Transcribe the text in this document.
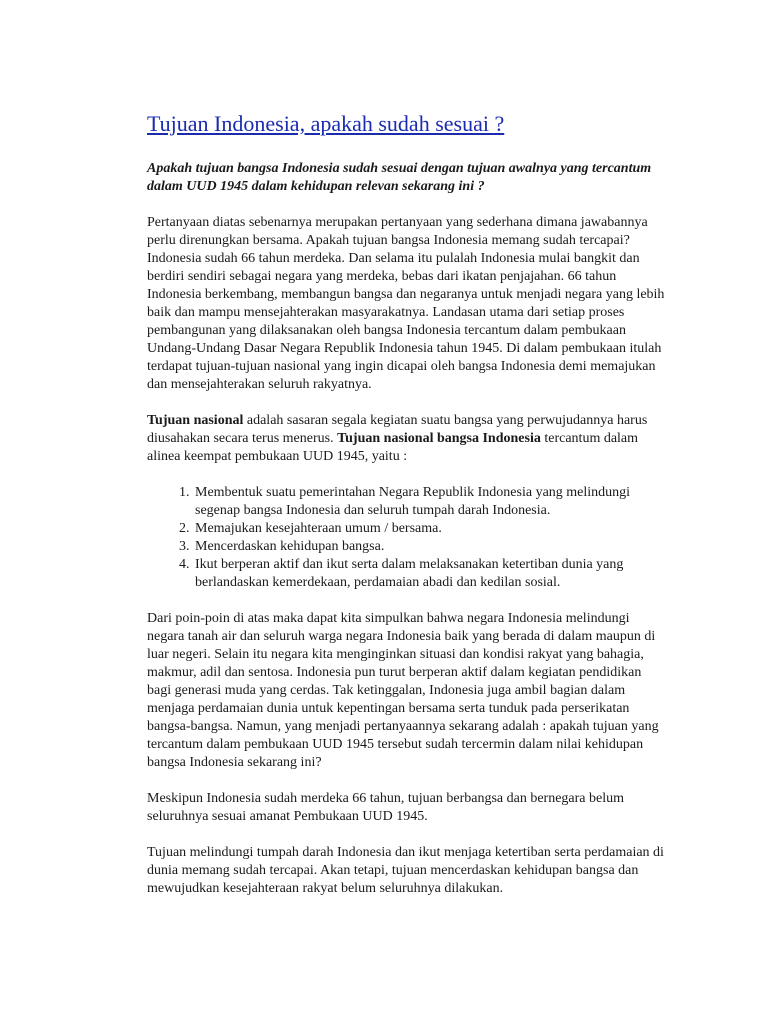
Tujuan Indonesia, apakah sudah sesuai ?

Apakah tujuan bangsa Indonesia sudah sesuai dengan tujuan awalnya yang tercantum dalam UUD 1945 dalam kehidupan relevan sekarang ini ?

Pertanyaan diatas sebenarnya merupakan pertanyaan yang sederhana dimana jawabannya perlu direnungkan bersama. Apakah tujuan bangsa Indonesia memang sudah tercapai? Indonesia sudah 66 tahun merdeka. Dan selama itu pulalah Indonesia mulai bangkit dan berdiri sendiri sebagai negara yang merdeka, bebas dari ikatan penjajahan. 66 tahun Indonesia berkembang, membangun bangsa dan negaranya untuk menjadi negara yang lebih baik dan mampu mensejahterakan masyarakatnya. Landasan utama dari setiap proses pembangunan yang dilaksanakan oleh bangsa Indonesia tercantum dalam pembukaan Undang-Undang Dasar Negara Republik Indonesia tahun 1945. Di dalam pembukaan itulah terdapat tujuan-tujuan nasional yang ingin dicapai oleh bangsa Indonesia demi memajukan dan mensejahterakan seluruh rakyatnya.

Tujuan nasional adalah sasaran segala kegiatan suatu bangsa yang perwujudannya harus diusahakan secara terus menerus. Tujuan nasional bangsa Indonesia tercantum dalam alinea keempat pembukaan UUD 1945, yaitu :

1. Membentuk suatu pemerintahan Negara Republik Indonesia yang melindungi segenap bangsa Indonesia dan seluruh tumpah darah Indonesia.
2. Memajukan kesejahteraan umum / bersama.
3. Mencerdaskan kehidupan bangsa.
4. Ikut berperan aktif dan ikut serta dalam melaksanakan ketertiban dunia yang berlandaskan kemerdekaan, perdamaian abadi dan kedilan sosial.

Dari poin-poin di atas maka dapat kita simpulkan bahwa negara Indonesia melindungi negara tanah air dan seluruh warga negara Indonesia baik yang berada di dalam maupun di luar negeri. Selain itu negara kita menginginkan situasi dan kondisi rakyat yang bahagia, makmur, adil dan sentosa. Indonesia pun turut berperan aktif dalam kegiatan pendidikan bagi generasi muda yang cerdas. Tak ketinggalan, Indonesia juga ambil bagian dalam menjaga perdamaian dunia untuk kepentingan bersama serta tunduk pada perserikatan bangsa-bangsa. Namun, yang menjadi pertanyaannya sekarang adalah : apakah tujuan yang tercantum dalam pembukaan UUD 1945 tersebut sudah tercermin dalam nilai kehidupan bangsa Indonesia sekarang ini?

Meskipun Indonesia sudah merdeka 66 tahun, tujuan berbangsa dan bernegara belum seluruhnya sesuai amanat Pembukaan UUD 1945.

Tujuan melindungi tumpah darah Indonesia dan ikut menjaga ketertiban serta perdamaian di dunia memang sudah tercapai. Akan tetapi, tujuan mencerdaskan kehidupan bangsa dan mewujudkan kesejahteraan rakyat belum seluruhnya dilakukan.
